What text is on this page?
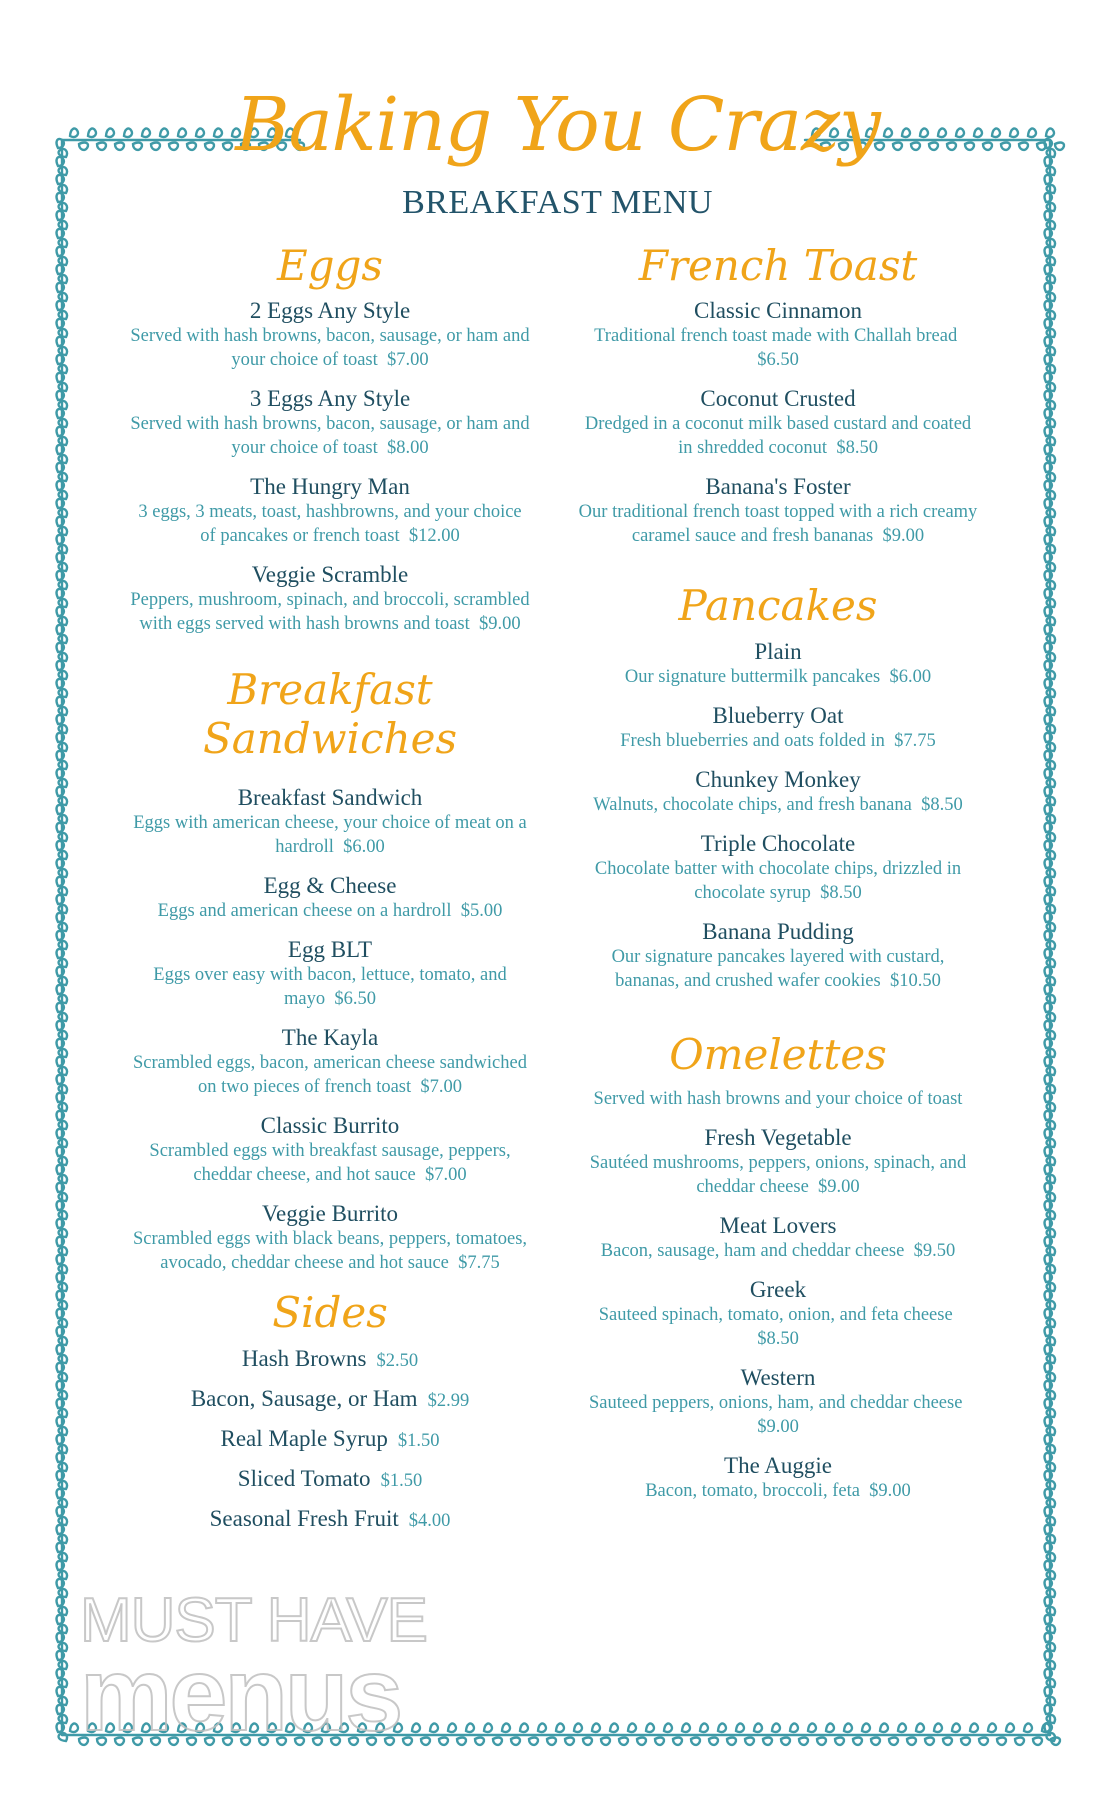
Baking You Crazy
BREAKFAST MENU
Eggs
2 Eggs Any Style
Served with hash browns, bacon, sausage, or ham and your choice of toast $7.00
3 Eggs Any Style
Served with hash browns, bacon, sausage, or ham and your choice of toast $8.00
The Hungry Man
3 eggs, 3 meats, toast, hashbrowns, and your choice of pancakes or french toast $12.00
Veggie Scramble
Peppers, mushroom, spinach, and broccoli, scrambled with eggs served with hash browns and toast $9.00
Breakfast
Sandwiches
Breakfast Sandwich
Eggs with american cheese, your choice of meat on a hardroll $6.00
Egg & Cheese
Eggs and american cheese on a hardroll $5.00
Egg BLT
Eggs over easy with bacon, lettuce, tomato, and mayo $6.50
The Kayla
Scrambled eggs, bacon, american cheese sandwiched on two pieces of french toast $7.00
Classic Burrito
Scrambled eggs with breakfast sausage, peppers, cheddar cheese, and hot sauce $7.00
Veggie Burrito
Scrambled eggs with black beans, peppers, tomatoes, avocado, cheddar cheese and hot sauce $7.75
Sides
Hash Browns $2.50
Bacon, Sausage, or Ham $2.99
Real Maple Syrup $1.50
Sliced Tomato $1.50
Seasonal Fresh Fruit $4.00
French Toast
Classic Cinnamon
Traditional french toast made with Challah bread  $6.50
Coconut Crusted
Dredged in a coconut milk based custard and coated in shredded coconut $8.50
Banana's Foster
Our traditional french toast topped with a rich creamy caramel sauce and fresh bananas $9.00
Pancakes
Plain
Our signature buttermilk pancakes $6.00
Blueberry Oat
Fresh blueberries and oats folded in $7.75
Chunkey Monkey
Walnuts, chocolate chips, and fresh banana $8.50
Triple Chocolate
Chocolate batter with chocolate chips, drizzled in chocolate syrup $8.50
Banana Pudding
Our signature pancakes layered with custard, bananas, and crushed wafer cookies $10.50
Omelettes
Served with hash browns and your choice of toast
Fresh Vegetable
Sautéed mushrooms, peppers, onions, spinach, and cheddar cheese $9.00
Meat Lovers
Bacon, sausage, ham and cheddar cheese $9.50
Greek
Sauteed spinach, tomato, onion, and feta cheese  $8.50
Western
Sauteed peppers, onions, ham, and cheddar cheese  $9.00
The Auggie
Bacon, tomato, broccoli, feta $9.00
MUST HAVE
menus
